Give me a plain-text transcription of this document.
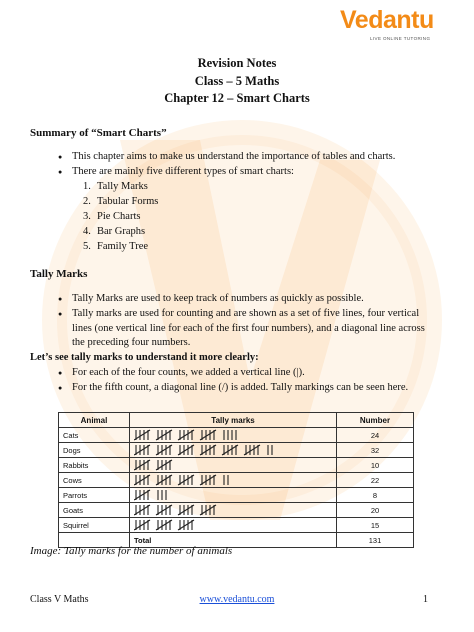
Vedantu
LIVE ONLINE TUTORING
Revision Notes
Class – 5 Maths
Chapter 12 – Smart Charts
Summary of “Smart Charts”
● This chapter aims to make us understand the importance of tables and charts.
● There are mainly five different types of smart charts:
1. Tally Marks
2. Tabular Forms
3. Pie Charts
4. Bar Graphs
5. Family Tree
Tally Marks
● Tally Marks are used to keep track of numbers as quickly as possible.
● Tally marks are used for counting and are shown as a set of five lines, four vertical lines (one vertical line for each of the first four numbers), and a diagonal line across the preceding four numbers.
Let’s see tally marks to understand it more clearly:
● For each of the four counts, we added a vertical line (|).
● For the fifth count, a diagonal line (/) is added. Tally markings can be seen here.
Animal	Tally marks	Number
Cats		24
Dogs		32
Rabbits		10
Cows		22
Parrots		8
Goats		20
Squirrel		15
	Total	131
Image: Tally marks for the number of animals
Class V Maths	www.vedantu.com	1
